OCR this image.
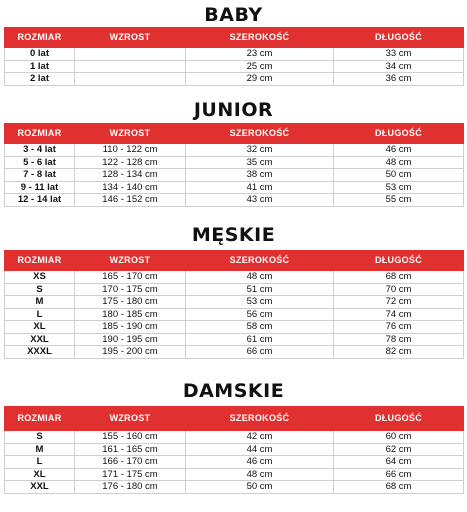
BABY
ROZMIAR	WZROST	SZEROKOŚĆ	DŁUGOŚĆ
0 lat		23 cm	33 cm
1 lat		25 cm	34 cm
2 lat		29 cm	36 cm
JUNIOR
ROZMIAR	WZROST	SZEROKOŚĆ	DŁUGOŚĆ
3 - 4 lat	110 - 122 cm	32 cm	46 cm
5 - 6 lat	122 - 128 cm	35 cm	48 cm
7 - 8 lat	128 - 134 cm	38 cm	50 cm
9 - 11 lat	134 - 140 cm	41 cm	53 cm
12 - 14 lat	146 - 152 cm	43 cm	55 cm
MĘSKIE
ROZMIAR	WZROST	SZEROKOŚĆ	DŁUGOŚĆ
XS	165 - 170 cm	48 cm	68 cm
S	170 - 175 cm	51 cm	70 cm
M	175 - 180 cm	53 cm	72 cm
L	180 - 185 cm	56 cm	74 cm
XL	185 - 190 cm	58 cm	76 cm
XXL	190 - 195 cm	61 cm	78 cm
XXXL	195 - 200 cm	66 cm	82 cm
DAMSKIE
ROZMIAR	WZROST	SZEROKOŚĆ	DŁUGOŚĆ
S	155 - 160 cm	42 cm	60 cm
M	161 - 165 cm	44 cm	62 cm
L	166 - 170 cm	46 cm	64 cm
XL	171 - 175 cm	48 cm	66 cm
XXL	176 - 180 cm	50 cm	68 cm
